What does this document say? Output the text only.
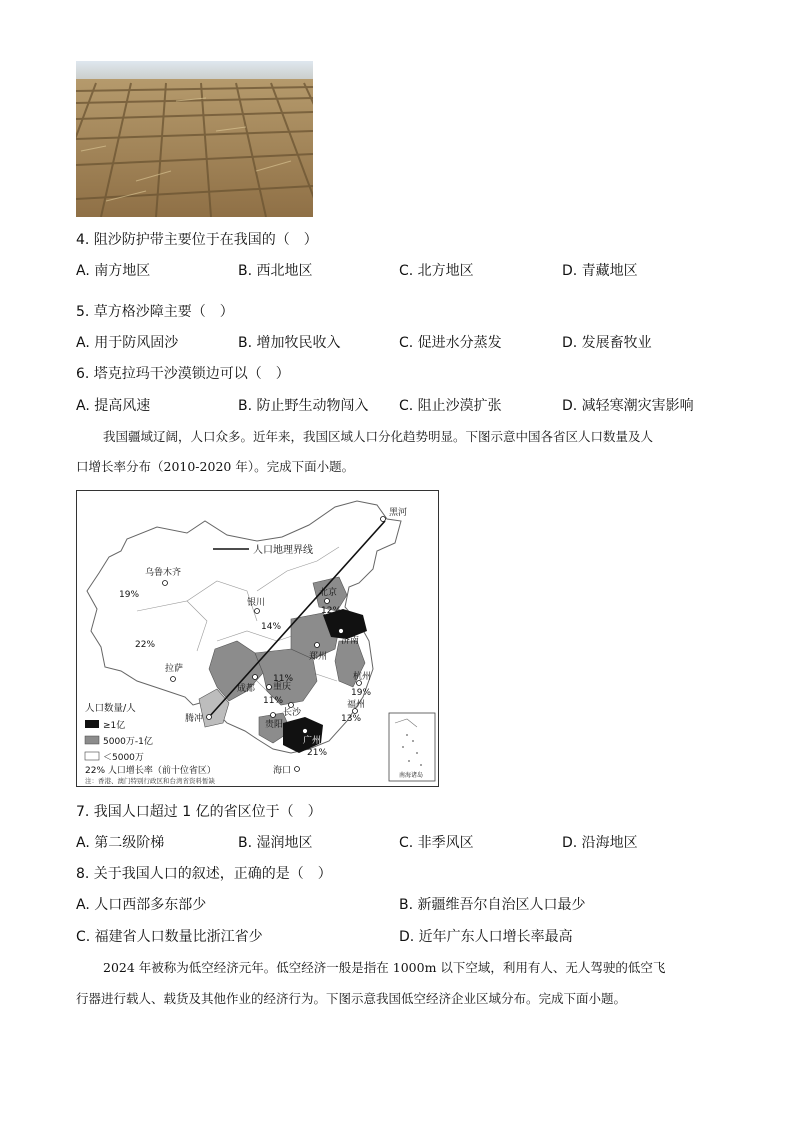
4. 阻沙防护带主要位于在我国的（　）
A. 南方地区	B. 西北地区	C. 北方地区	D. 青藏地区
5. 草方格沙障主要（　）
A. 用于防风固沙	B. 增加牧民收入	C. 促进水分蒸发	D. 发展畜牧业
6. 塔克拉玛干沙漠锁边可以（　）
A. 提高风速	B. 防止野生动物闯入 C. 阻止沙漠扩张	D. 减轻寒潮灾害影响
我国疆域辽阔，人口众多。近年来，我国区域人口分化趋势明显。下图示意中国各省区人口数量及人
口增长率分布（2010-2020 年）。完成下面小题。
人口地理界线
黑河
腾冲
乌鲁木齐
银川
北京
济南
郑州
拉萨
成都 重庆
杭州
长沙
福州
贵阳
广州
海口
19%
22%
14%
12%
11%
11%
19%
13%
21%
人口数量/人
≥1亿
5000万-1亿
＜5000万
22% 人口增长率（前十位省区）
注：香港、澳门特别行政区和台湾省资料暂缺
南海诸岛
7. 我国人口超过 1 亿的省区位于（　）
A. 第二级阶梯	B. 湿润地区	C. 非季风区	D. 沿海地区
8. 关于我国人口的叙述，正确的是（　）
A. 人口西部多东部少	B. 新疆维吾尔自治区人口最少
C. 福建省人口数量比浙江省少	D. 近年广东人口增长率最高
2024 年被称为低空经济元年。低空经济一般是指在 1000m 以下空域，利用有人、无人驾驶的低空飞
行器进行载人、载货及其他作业的经济行为。下图示意我国低空经济企业区域分布。完成下面小题。
